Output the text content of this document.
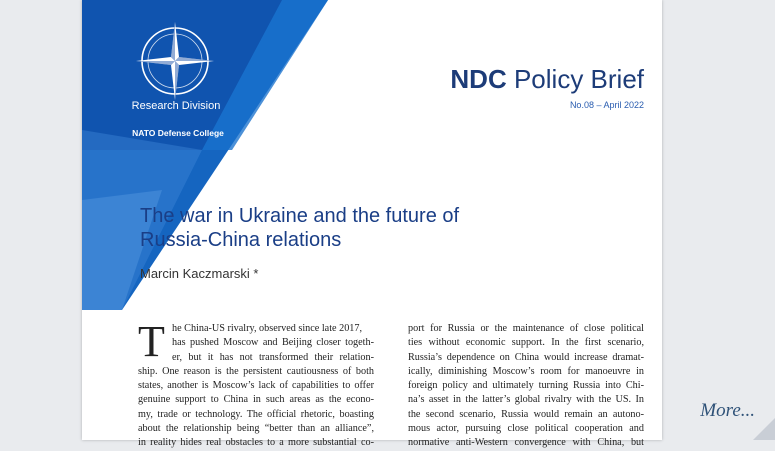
Research Division
NATO Defense College
NDC Policy Brief
No.08 – April 2022
The war in Ukraine and the future of
Russia-China relations
Marcin Kaczmarski *
T he China-US rivalry, observed since late 2017,
has pushed Moscow and Beijing closer togeth-
er, but it has not transformed their relation-
ship. One reason is the persistent cautiousness of both
states, another is Moscow’s lack of capabilities to offer
genuine support to China in such areas as the econo-
my, trade or technology. The official rhetoric, boasting
about the relationship being “better than an alliance”,
in reality hides real obstacles to a more substantial co-
port for Russia or the maintenance of close political
ties without economic support. In the first scenario,
Russia’s dependence on China would increase dramat-
ically, diminishing Moscow’s room for manoeuvre in
foreign policy and ultimately turning Russia into Chi-
na’s asset in the latter’s global rivalry with the US. In
the second scenario, Russia would remain an autono-
mous actor, pursuing close political cooperation and
normative anti-Western convergence with China, but
More...
